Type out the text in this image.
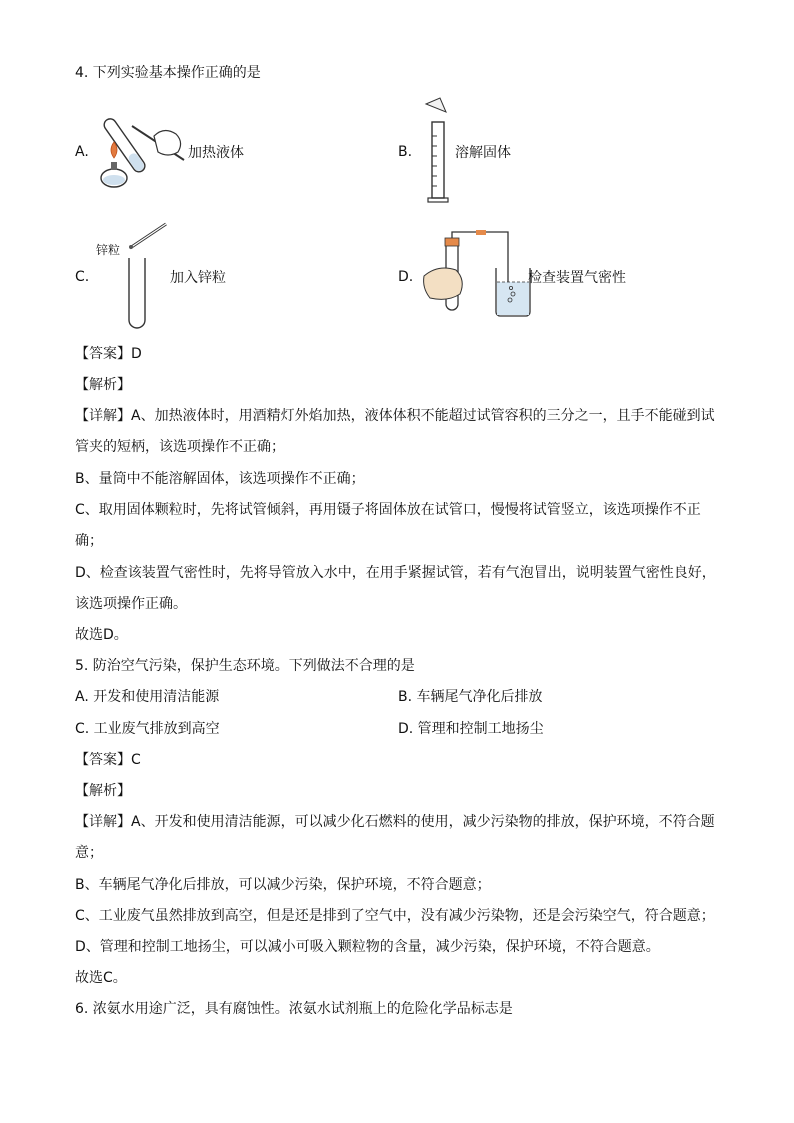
4. 下列实验基本操作正确的是
A.	加热液体	B.	溶解固体
C.
锌粒
加入锌粒	D.	检查装置气密性
【答案】D
【解析】
【详解】A、加热液体时，用酒精灯外焰加热，液体体积不能超过试管容积的三分之一，且手不能碰到试
管夹的短柄，该选项操作不正确；
B、量筒中不能溶解固体，该选项操作不正确；
C、取用固体颗粒时，先将试管倾斜，再用镊子将固体放在试管口，慢慢将试管竖立，该选项操作不正
确；
D、检查该装置气密性时，先将导管放入水中，在用手紧握试管，若有气泡冒出，说明装置气密性良好，
该选项操作正确。
故选D。
5. 防治空气污染，保护生态环境。下列做法不合理的是
A. 开发和使用清洁能源	B. 车辆尾气净化后排放
C. 工业废气排放到高空	D. 管理和控制工地扬尘
【答案】C
【解析】
【详解】A、开发和使用清洁能源，可以减少化石燃料的使用，减少污染物的排放，保护环境，不符合题
意；
B、车辆尾气净化后排放，可以减少污染，保护环境，不符合题意；
C、工业废气虽然排放到高空，但是还是排到了空气中，没有减少污染物，还是会污染空气，符合题意；
D、管理和控制工地扬尘，可以减小可吸入颗粒物的含量，减少污染，保护环境，不符合题意。
故选C。
6. 浓氨水用途广泛，具有腐蚀性。浓氨水试剂瓶上的危险化学品标志是
